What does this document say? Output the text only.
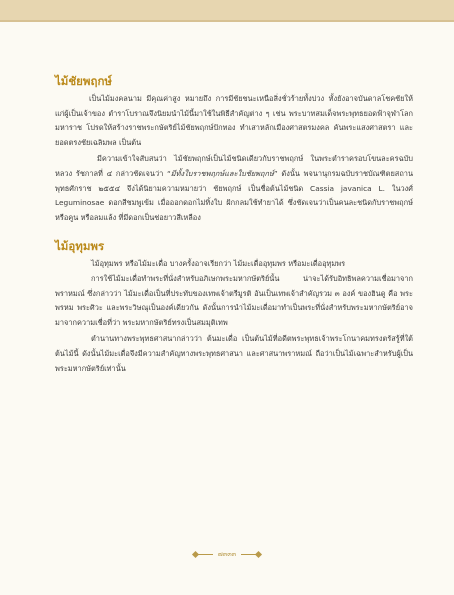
ไม้ชัยพฤกษ์

เป็นไม้มงคลนาม มีคุณค่าสูง หมายถึง การมีชัยชนะเหนือสิ่งชั่วร้ายทั้งปวง ทั้งยังอาจบันดาลโชคชัยให้แก่ผู้เป็นเจ้าของ ตำราโบราณจึงนิยมนำไม้นี้มาใช้ในพิธีสำคัญต่าง ๆ เช่น พระบาทสมเด็จพระพุทธยอดฟ้าจุฬาโลกมหาราช โปรดให้สร้างราชพระกษัตริย์ไม้ชัยพฤกษ์ปักทอง ทำเสาหลักเมืองศาสตรมงคล คันพระแสงศาสตรา และยอดตรงชัยเฉลิมพล เป็นต้น

มีความเข้าใจสับสนว่า ไม้ชัยพฤกษ์เป็นไม้ชนิดเดียวกับราชพฤกษ์ ในพระตำราครอบโขนละครฉบับหลวง รัชกาลที่ ๔ กล่าวชัดเจนว่า “มีทั้งใบราชพฤกษ์และใบชัยพฤกษ์” ดังนั้น พจนานุกรมฉบับราชบัณฑิตยสถาน พุทธศักราช ๒๕๕๔ จึงได้นิยามความหมายว่า ชัยพฤกษ์ เป็นชื่อต้นไม้ชนิด Cassia javanica L. ในวงศ์ Leguminosae ดอกสีชมพูเข้ม เมื่อออกดอกไม่ทิ้งใบ ฝักกลมใช้ทำยาได้ ซึ่งชัดเจนว่าเป็นคนละชนิดกับราชพฤกษ์ หรือคูน หรือลมแล้ง ที่มีดอกเป็นช่อยาวสีเหลือง

ไม้อุทุมพร

ไม้อุทุมพร หรือไม้มะเดื่อ บางครั้งอาจเรียกว่า ไม้มะเดื่ออุทุมพร หรือมะเดื่ออุทุมพร

การใช้ไม้มะเดื่อทำพระที่นั่งสำหรับอภิเษกพระมหากษัตริย์นั้น น่าจะได้รับอิทธิพลความเชื่อมาจากพราหมณ์ ซึ่งกล่าวว่า ไม้มะเดื่อเป็นที่ประทับของเทพเจ้าตรีมูรติ อันเป็นเทพเจ้าสำคัญรวม ๓ องค์ ของฮินดู คือ พระพรหม พระศิวะ และพระวิษณุเป็นองค์เดียวกัน ดังนั้นการนำไม้มะเดื่อมาทำเป็นพระที่นั่งสำหรับพระมหากษัตริย์อาจมาจากความเชื่อที่ว่า พระมหากษัตริย์ทรงเป็นสมมุติเทพ

ตำนานทางพระพุทธศาสนากล่าวว่า ต้นมะเดื่อ เป็นต้นไม้ที่อดีตพระพุทธเจ้าพระโกนาคมทรงตรัสรู้ที่ใต้ต้นไม้นี้ ดังนั้นไม้มะเดื่อจึงมีความสำคัญทางพระพุทธศาสนา และศาสนาพราหมณ์ ถือว่าเป็นไม้เฉพาะสำหรับผู้เป็นพระมหากษัตริย์เท่านั้น

๗๓๓๓
